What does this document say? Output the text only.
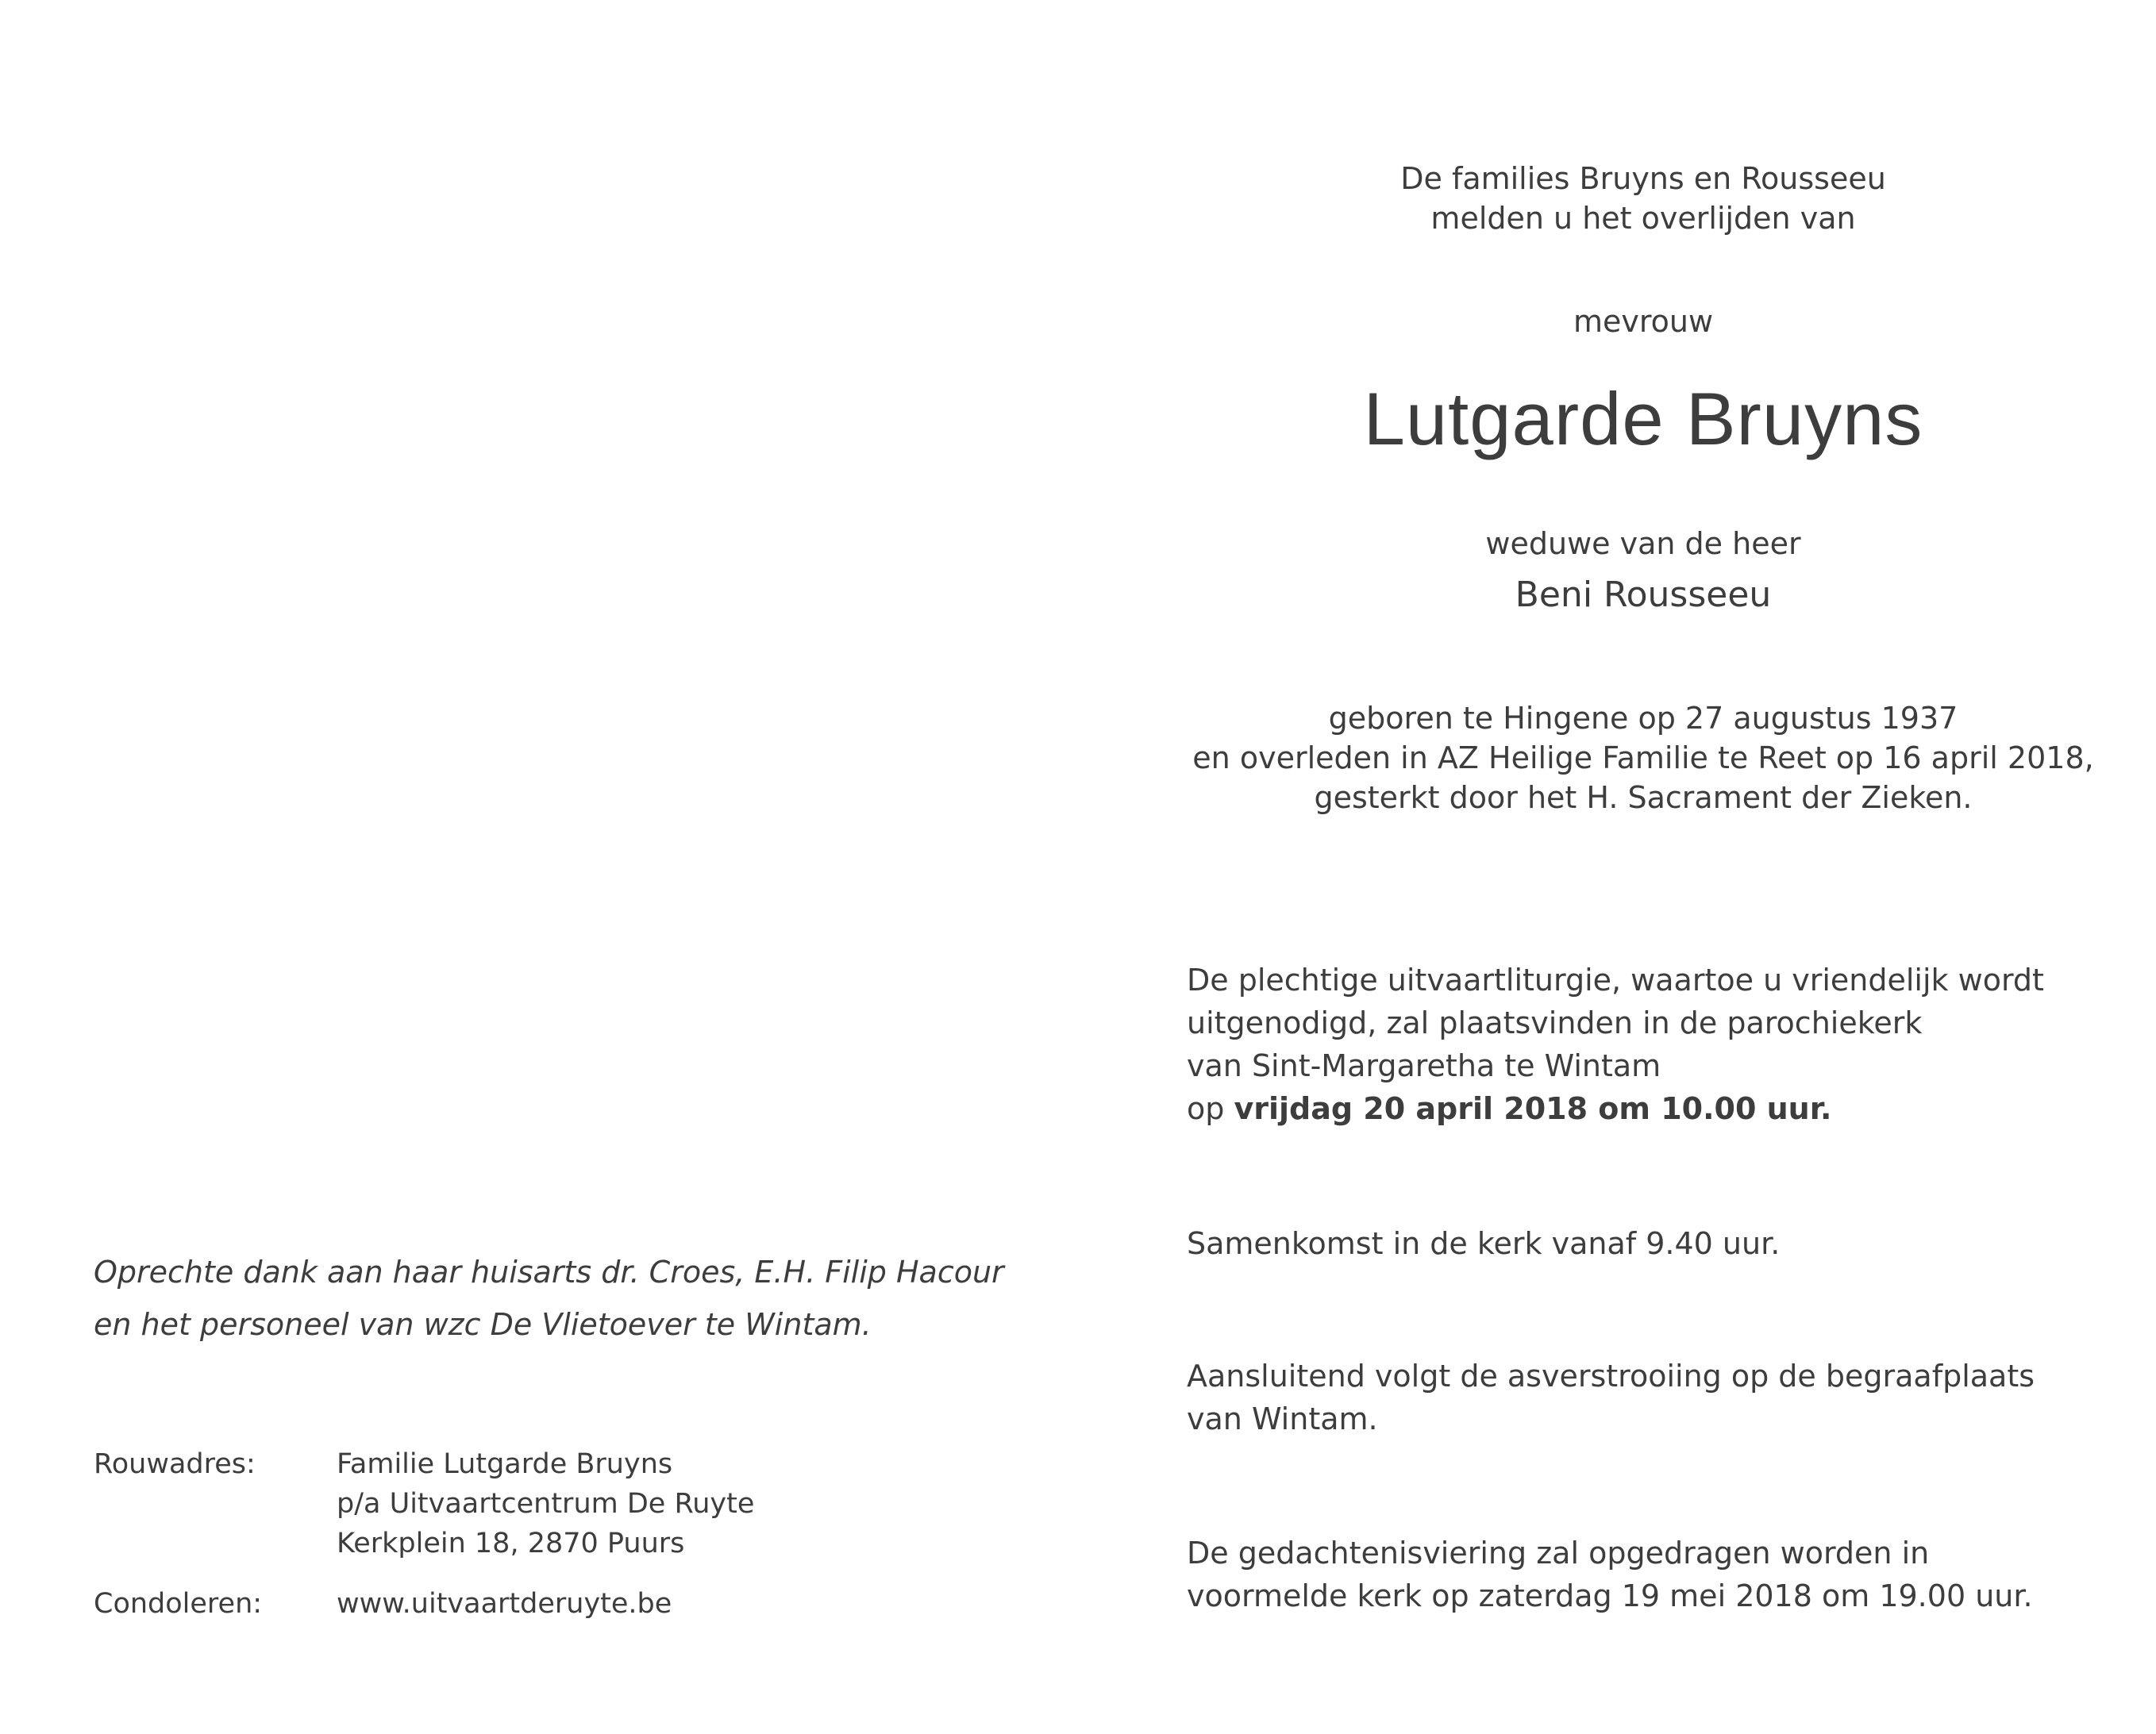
De families Bruyns en Rousseeu
melden u het overlijden van
mevrouw
Lutgarde Bruyns
weduwe van de heer
Beni Rousseeu
geboren te Hingene op 27 augustus 1937
en overleden in AZ Heilige Familie te Reet op 16 april 2018,
gesterkt door het H. Sacrament der Zieken.
De plechtige uitvaartliturgie, waartoe u vriendelijk wordt
uitgenodigd, zal plaatsvinden in de parochiekerk
van Sint-Margaretha te Wintam
op vrijdag 20 april 2018 om 10.00 uur.
Samenkomst in de kerk vanaf 9.40 uur.
Aansluitend volgt de asverstrooiing op de begraafplaats
van Wintam.
De gedachtenisviering zal opgedragen worden in
voormelde kerk op zaterdag 19 mei 2018 om 19.00 uur.
Oprechte dank aan haar huisarts dr. Croes, E.H. Filip Hacour
en het personeel van wzc De Vlietoever te Wintam.
Rouwadres:	Familie Lutgarde Bruyns
p/a Uitvaartcentrum De Ruyte
Kerkplein 18, 2870 Puurs
Condoleren:	www.uitvaartderuyte.be
